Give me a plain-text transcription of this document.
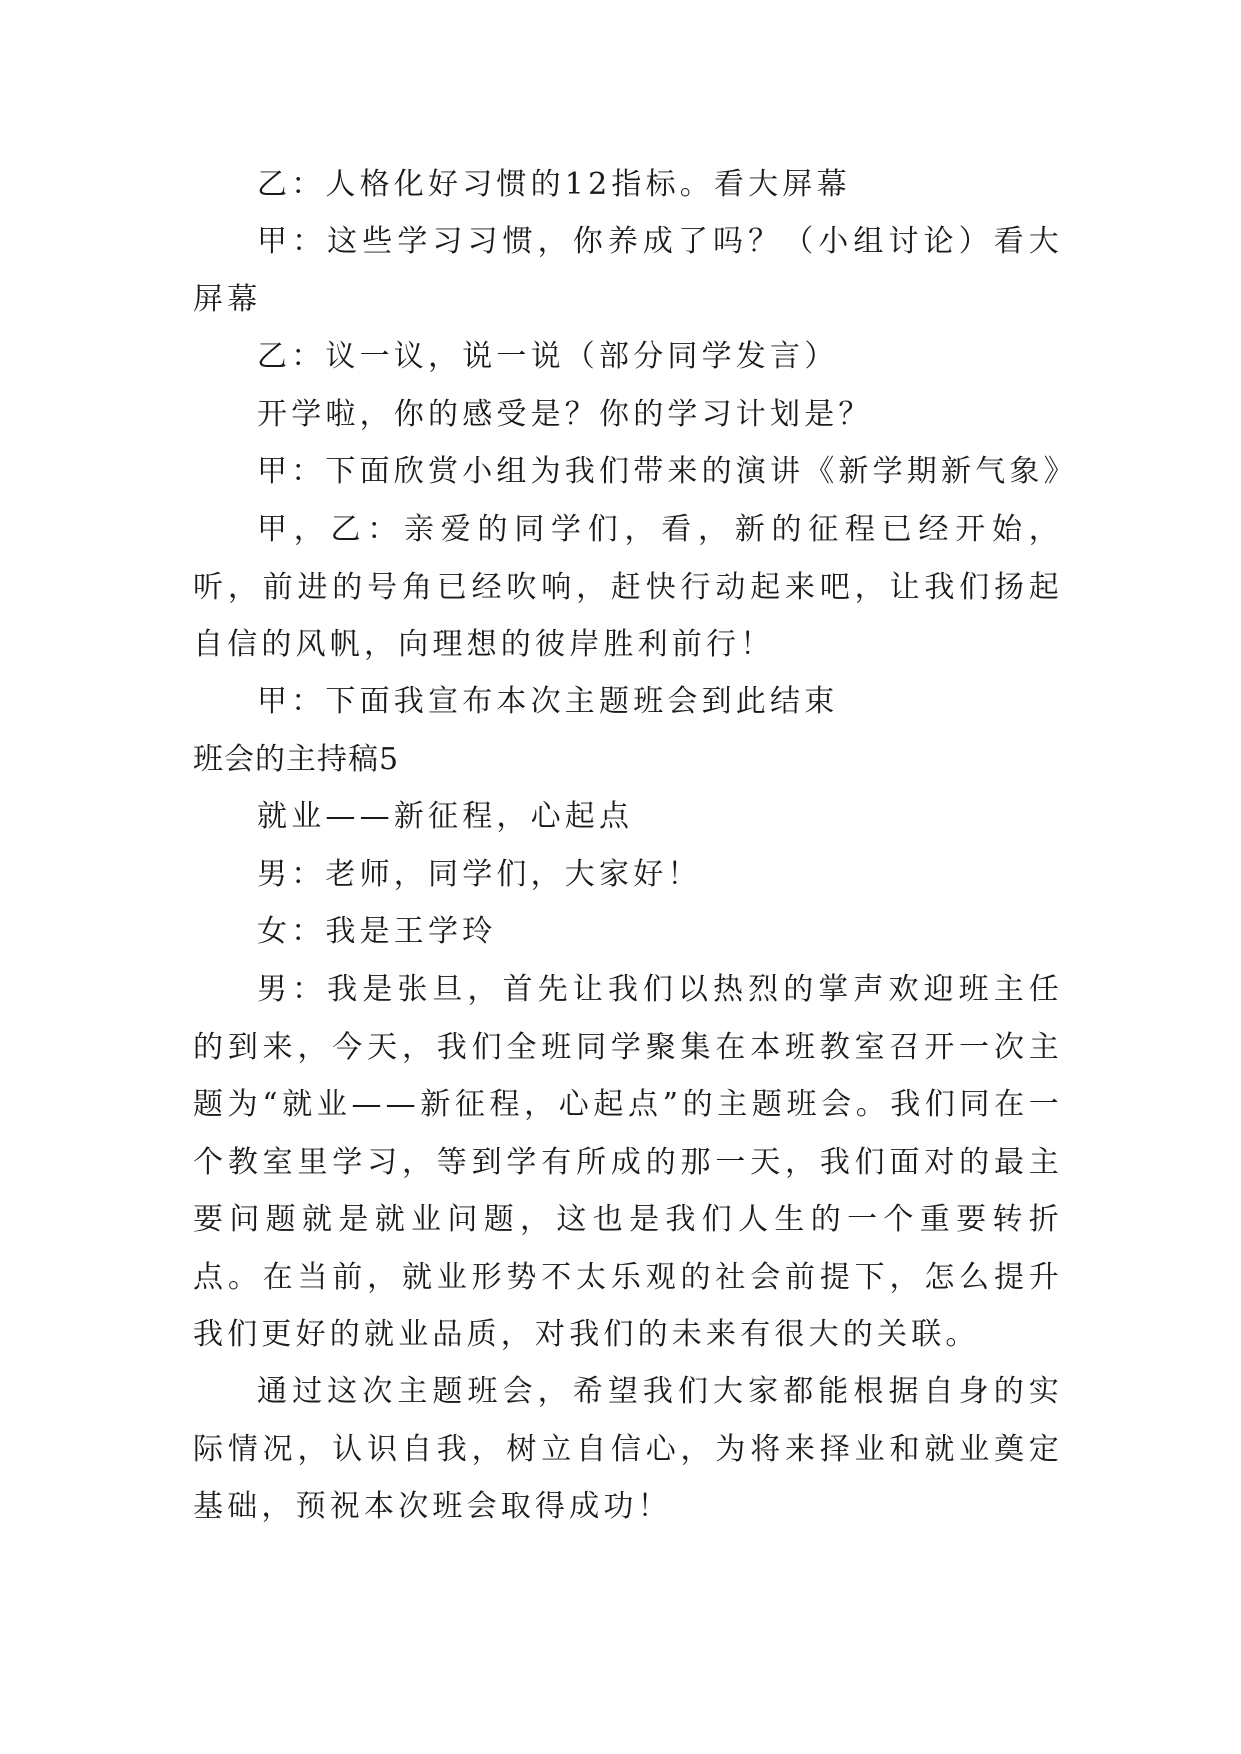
乙：人格化好习惯的12指标。看大屏幕

甲：这些学习习惯，你养成了吗？（小组讨论）看大屏幕

乙：议一议，说一说（部分同学发言）

开学啦，你的感受是？你的学习计划是？

甲：下面欣赏小组为我们带来的演讲《新学期新气象》

甲，乙：亲爱的同学们，看，新的征程已经开始，听，前进的号角已经吹响，赶快行动起来吧，让我们扬起自信的风帆，向理想的彼岸胜利前行！

甲：下面我宣布本次主题班会到此结束

班会的主持稿5

就业——新征程，心起点

男：老师，同学们，大家好！

女：我是王学玲

男：我是张旦，首先让我们以热烈的掌声欢迎班主任的到来，今天，我们全班同学聚集在本班教室召开一次主题为“就业——新征程，心起点”的主题班会。我们同在一个教室里学习，等到学有所成的那一天，我们面对的最主要问题就是就业问题，这也是我们人生的一个重要转折点。在当前，就业形势不太乐观的社会前提下，怎么提升我们更好的就业品质，对我们的未来有很大的关联。

通过这次主题班会，希望我们大家都能根据自身的实际情况，认识自我，树立自信心，为将来择业和就业奠定基础，预祝本次班会取得成功！
